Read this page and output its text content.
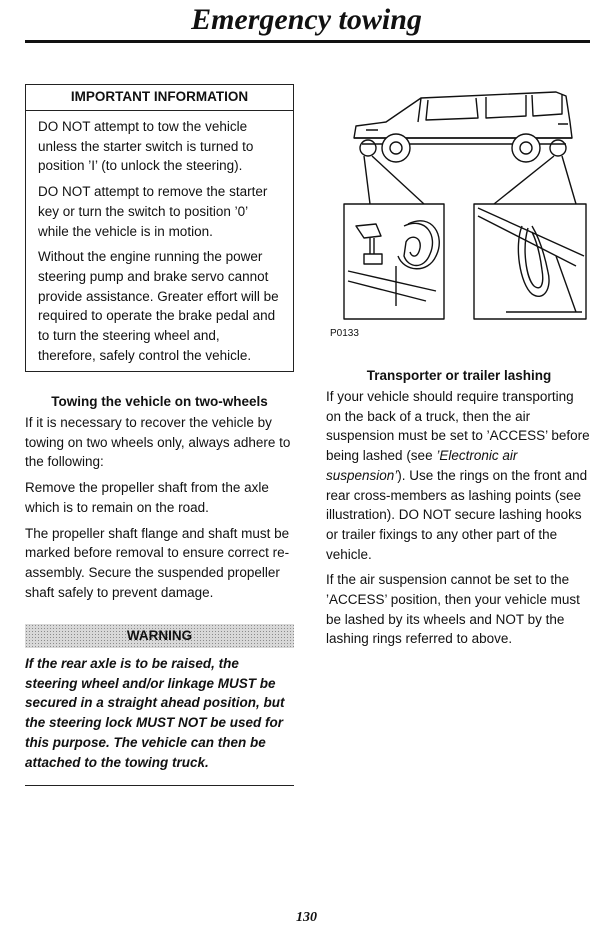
Emergency towing
IMPORTANT INFORMATION

DO NOT attempt to tow the vehicle unless the starter switch is turned to position ’I’ (to unlock the steering).

DO NOT attempt to remove the starter key or turn the switch to position ’0’ while the vehicle is in motion.

Without the engine running the power steering pump and brake servo cannot provide assistance. Greater effort will be required to operate the brake pedal and to turn the steering wheel and, therefore, safely control the vehicle.

Towing the vehicle on two-wheels

If it is necessary to recover the vehicle by towing on two wheels only, always adhere to the following:

Remove the propeller shaft from the axle which is to remain on the road.

The propeller shaft flange and shaft must be marked before removal to ensure correct re-assembly. Secure the suspended propeller shaft safely to prevent damage.

WARNING
If the rear axle is to be raised, the steering wheel and/or linkage MUST be secured in a straight ahead position, but the steering lock MUST NOT be used for this purpose. The vehicle can then be attached to the towing truck.
P0133
Transporter or trailer lashing

If your vehicle should require transporting on the back of a truck, then the air suspension must be set to ’ACCESS’ before being lashed (see ’Electronic air suspension’). Use the rings on the front and rear cross-members as lashing points (see illustration). DO NOT secure lashing hooks or trailer fixings to any other part of the vehicle.

If the air suspension cannot be set to the ’ACCESS’ position, then your vehicle must be lashed by its wheels and NOT by the lashing rings referred to above.

130
